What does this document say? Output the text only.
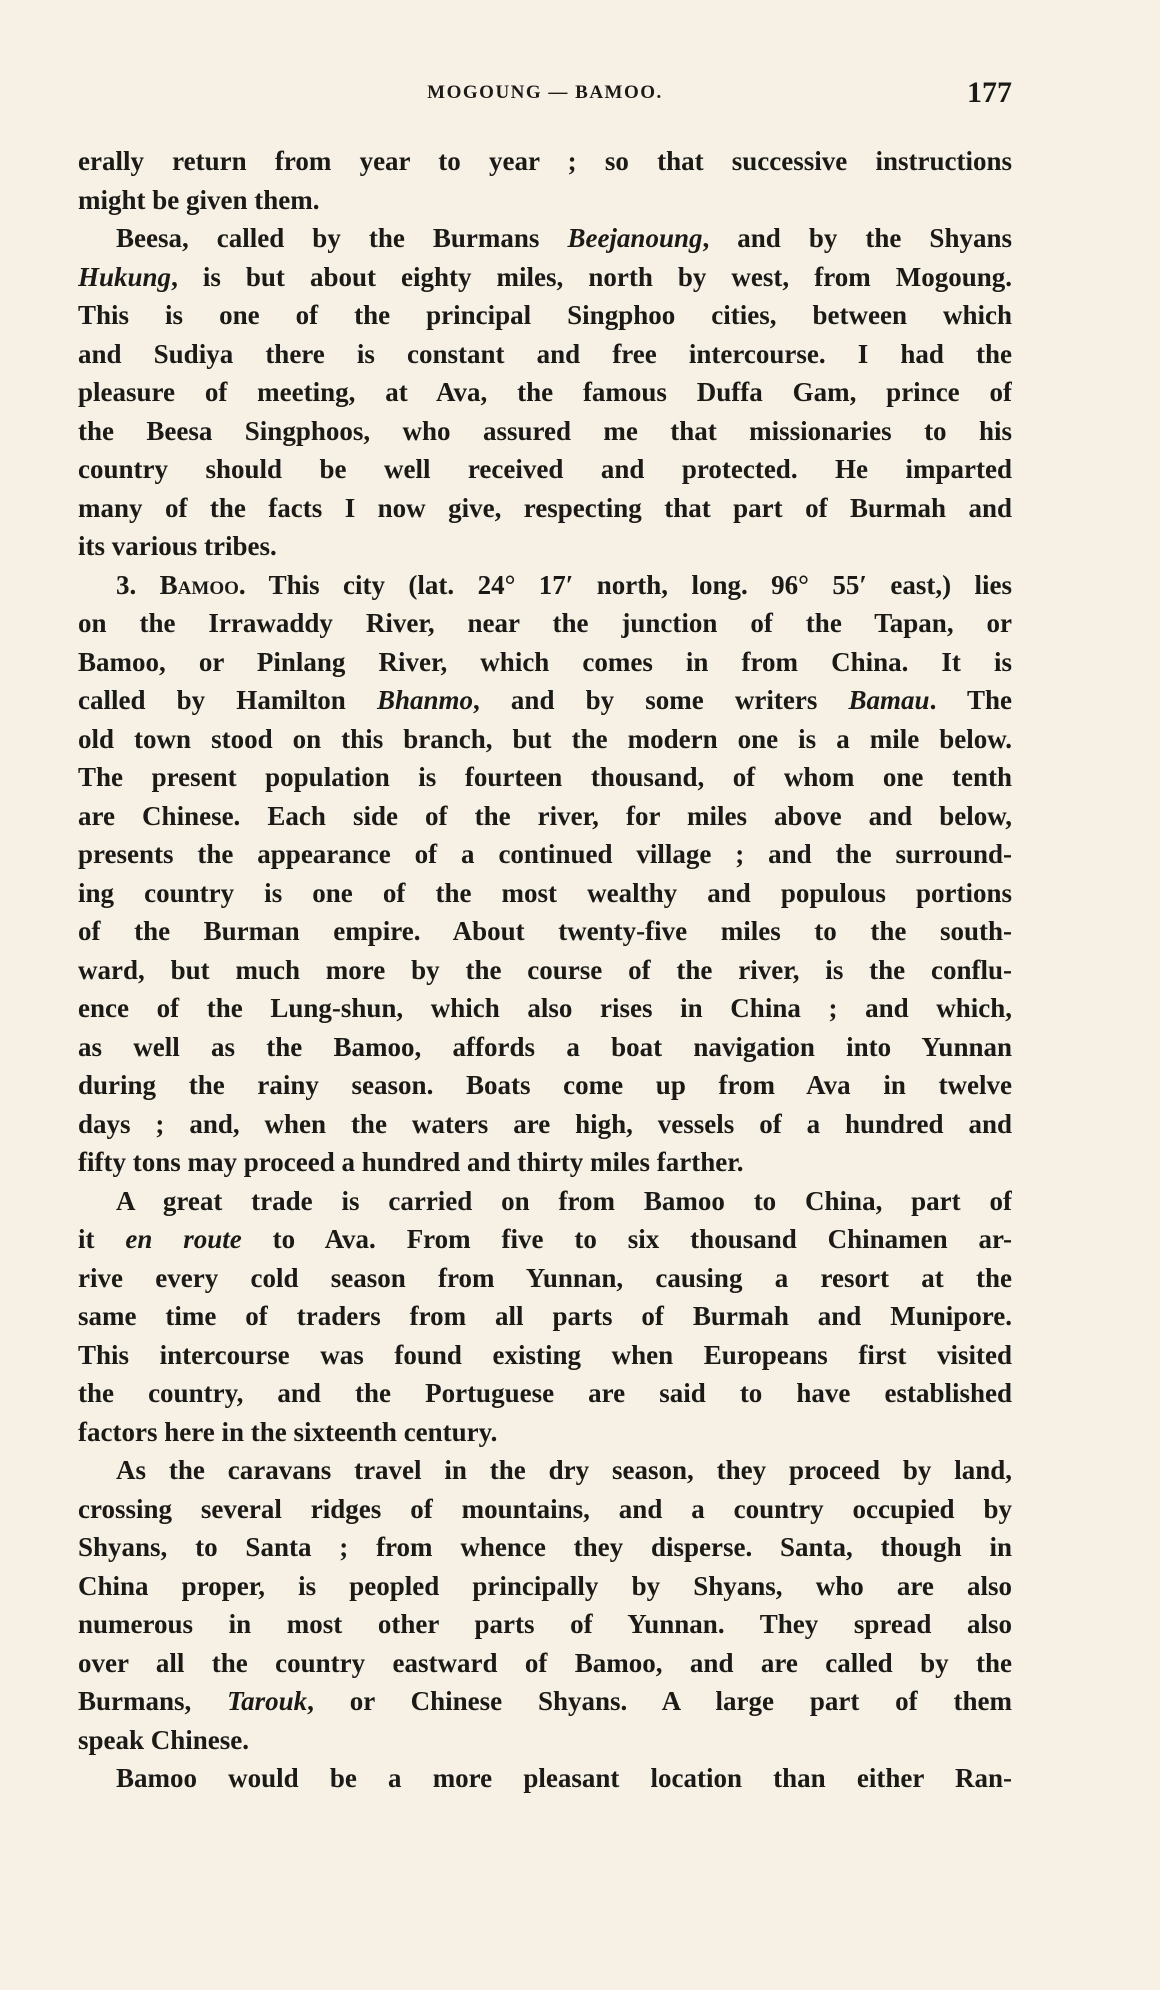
MOGOUNG — BAMOO.	177
erally return from year to year ; so that successive instructions
might be given them.
Beesa, called by the Burmans Beejanoung, and by the Shyans
Hukung, is but about eighty miles, north by west, from Mogoung.
This is one of the principal Singphoo cities, between which
and Sudiya there is constant and free intercourse. I had the
pleasure of meeting, at Ava, the famous Duffa Gam, prince of
the Beesa Singphoos, who assured me that missionaries to his
country should be well received and protected. He imparted
many of the facts I now give, respecting that part of Burmah and
its various tribes.
3. Bamoo. This city (lat. 24° 17′ north, long. 96° 55′ east,) lies
on the Irrawaddy River, near the junction of the Tapan, or
Bamoo, or Pinlang River, which comes in from China. It is
called by Hamilton Bhanmo, and by some writers Bamau. The
old town stood on this branch, but the modern one is a mile below.
The present population is fourteen thousand, of whom one tenth
are Chinese. Each side of the river, for miles above and below,
presents the appearance of a continued village ; and the surround-
ing country is one of the most wealthy and populous portions
of the Burman empire. About twenty-five miles to the south-
ward, but much more by the course of the river, is the conflu-
ence of the Lung-shun, which also rises in China ; and which,
as well as the Bamoo, affords a boat navigation into Yunnan
during the rainy season. Boats come up from Ava in twelve
days ; and, when the waters are high, vessels of a hundred and
fifty tons may proceed a hundred and thirty miles farther.
A great trade is carried on from Bamoo to China, part of
it en route to Ava. From five to six thousand Chinamen ar-
rive every cold season from Yunnan, causing a resort at the
same time of traders from all parts of Burmah and Munipore.
This intercourse was found existing when Europeans first visited
the country, and the Portuguese are said to have established
factors here in the sixteenth century.
As the caravans travel in the dry season, they proceed by land,
crossing several ridges of mountains, and a country occupied by
Shyans, to Santa ; from whence they disperse. Santa, though in
China proper, is peopled principally by Shyans, who are also
numerous in most other parts of Yunnan. They spread also
over all the country eastward of Bamoo, and are called by the
Burmans, Tarouk, or Chinese Shyans. A large part of them
speak Chinese.
Bamoo would be a more pleasant location than either Ran-
